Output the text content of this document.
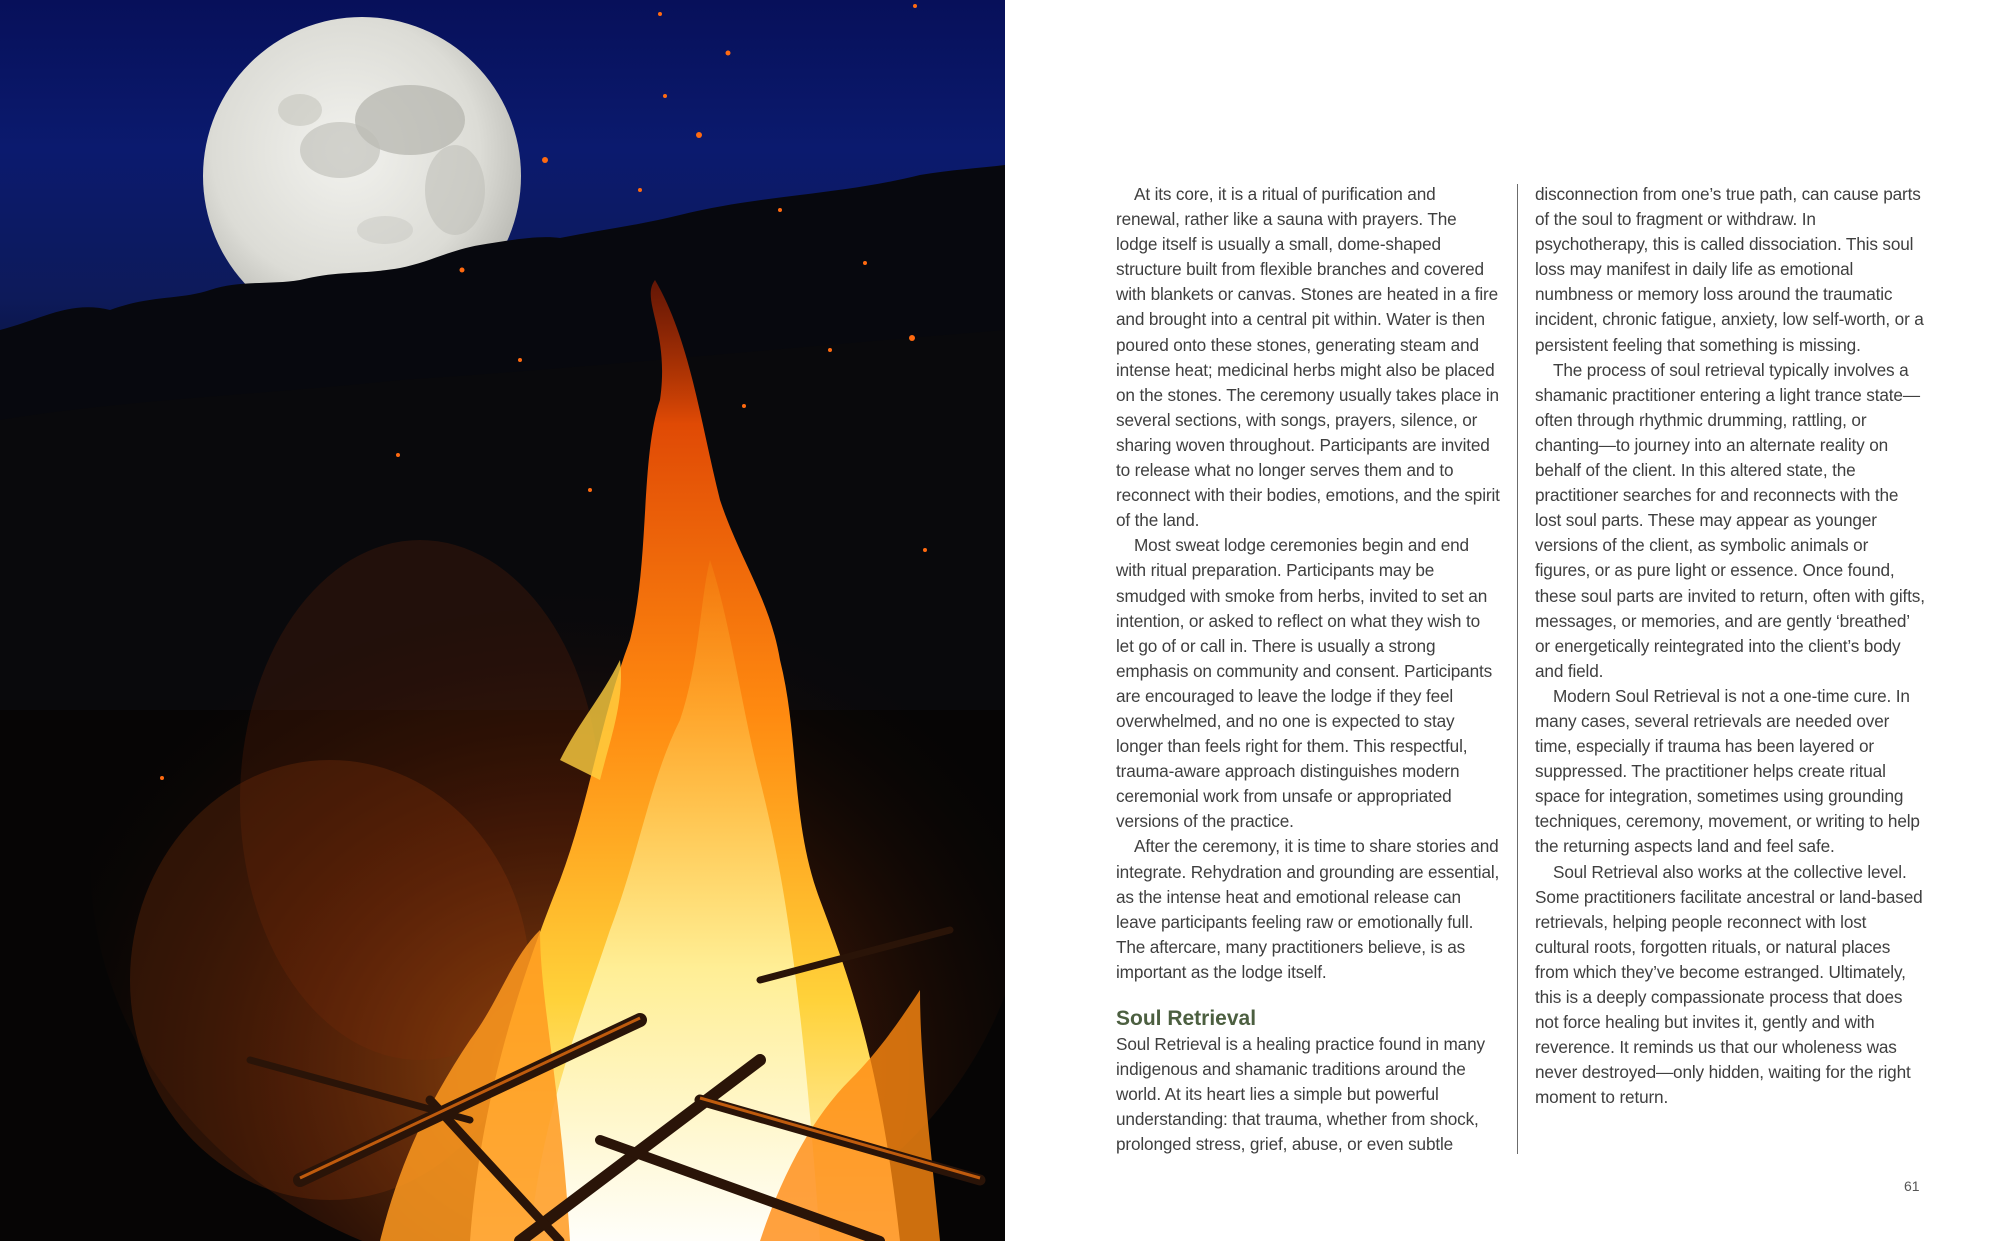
At its core, it is a ritual of purification and renewal, rather like a sauna with prayers. The lodge itself is usually a small, dome-shaped structure built from flexible branches and covered with blankets or canvas. Stones are heated in a fire and brought into a central pit within. Water is then poured onto these stones, generating steam and intense heat; medicinal herbs might also be placed on the stones. The ceremony usually takes place in several sections, with songs, prayers, silence, or sharing woven throughout. Participants are invited to release what no longer serves them and to reconnect with their bodies, emotions, and the spirit of the land.

Most sweat lodge ceremonies begin and end with ritual preparation. Participants may be smudged with smoke from herbs, invited to set an intention, or asked to reflect on what they wish to let go of or call in. There is usually a strong emphasis on community and consent. Participants are encouraged to leave the lodge if they feel overwhelmed, and no one is expected to stay longer than feels right for them. This respectful, trauma-aware approach distinguishes modern ceremonial work from unsafe or appropriated versions of the practice.

After the ceremony, it is time to share stories and integrate. Rehydration and grounding are essential, as the intense heat and emotional release can leave participants feeling raw or emotionally full. The aftercare, many practitioners believe, is as important as the lodge itself.

Soul Retrieval

Soul Retrieval is a healing practice found in many indigenous and shamanic traditions around the world. At its heart lies a simple but powerful understanding: that trauma, whether from shock, prolonged stress, grief, abuse, or even subtle

disconnection from one’s true path, can cause parts of the soul to fragment or withdraw. In psychotherapy, this is called dissociation. This soul loss may manifest in daily life as emotional numbness or memory loss around the traumatic incident, chronic fatigue, anxiety, low self-worth, or a persistent feeling that something is missing.

The process of soul retrieval typically involves a shamanic practitioner entering a light trance state—often through rhythmic drumming, rattling, or chanting—to journey into an alternate reality on behalf of the client. In this altered state, the practitioner searches for and reconnects with the lost soul parts. These may appear as younger versions of the client, as symbolic animals or figures, or as pure light or essence. Once found, these soul parts are invited to return, often with gifts, messages, or memories, and are gently ‘breathed’ or energetically reintegrated into the client’s body and field.

Modern Soul Retrieval is not a one-time cure. In many cases, several retrievals are needed over time, especially if trauma has been layered or suppressed. The practitioner helps create ritual space for integration, sometimes using grounding techniques, ceremony, movement, or writing to help the returning aspects land and feel safe.

Soul Retrieval also works at the collective level. Some practitioners facilitate ancestral or land-based retrievals, helping people reconnect with lost cultural roots, forgotten rituals, or natural places from which they’ve become estranged. Ultimately, this is a deeply compassionate process that does not force healing but invites it, gently and with reverence. It reminds us that our wholeness was never destroyed—only hidden, waiting for the right moment to return.

61
